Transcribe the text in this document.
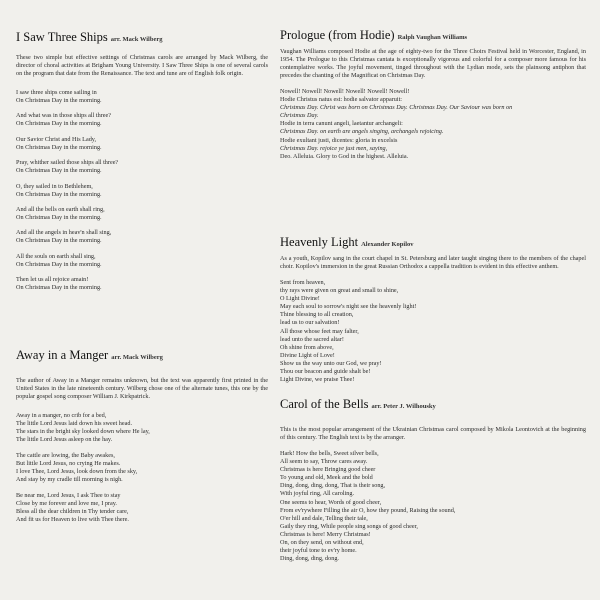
I Saw Three Ships arr. Mack Wilberg

These two simple but effective settings of Christmas carols are arranged by Mack Wilberg, the director of choral activities at Brigham Young University. I Saw Three Ships is one of several carols on the program that date from the Renaissance. The text and tune are of English folk origin.

I saw three ships come sailing in
On Christmas Day in the morning.

And what was in those ships all three?
On Christmas Day in the morning.

Our Savior Christ and His Lady,
On Christmas Day in the morning.

Pray, whither sailed those ships all three?
On Christmas Day in the morning.

O, they sailed in to Bethlehem,
On Christmas Day in the morning.

And all the bells on earth shall ring,
On Christmas Day in the morning.

And all the angels in heav'n shall sing,
On Christmas Day in the morning.

All the souls on earth shall sing,
On Christmas Day in the morning.

Then let us all rejoice amain!
On Christmas Day in the morning.

Away in a Manger arr. Mack Wilberg

The author of Away in a Manger remains unknown, but the text was apparently first printed in the United States in the late nineteenth century. Wilberg chose one of the alternate tunes, this one by the popular gospel song composer William J. Kirkpatrick.

Away in a manger, no crib for a bed,
The little Lord Jesus laid down his sweet head.
The stars in the bright sky looked down where He lay,
The little Lord Jesus asleep on the hay.

The cattle are lowing, the Baby awakes,
But little Lord Jesus, no crying He makes.
I love Thee, Lord Jesus, look down from the sky,
And stay by my cradle till morning is nigh.

Be near me, Lord Jesus, I ask Thee to stay
Close by me forever and love me, I pray.
Bless all the dear children in Thy tender care,
And fit us for Heaven to live with Thee there.

Prologue (from Hodie) Ralph Vaughan Williams

Vaughan Williams composed Hodie at the age of eighty-two for the Three Choirs Festival held in Worcester, England, in 1954. The Prologue to this Christmas cantata is exceptionally vigorous and colorful for a composer more famous for his contemplative works. The joyful movement, tinged throughout with the Lydian mode, sets the plainsong antiphon that precedes the chanting of the Magnificat on Christmas Day.

Nowell! Nowell! Nowell! Nowell! Nowell! Nowell!
Hodie Christus natus est: hodie salvator apparuit:
Christmas Day. Christ was born on Christmas Day. Christmas Day. Our Saviour was born on
Christmas Day.
Hodie in terra canunt angeli, laetantur archangeli:
Christmas Day. on earth are angels singing, archangels rejoicing.
Hodie exultant justi, dicentes: gloria in excelsis
Christmas Day. rejoice ye just men, saying,
Deo. Alleluia. Glory to God in the highest. Alleluia.
Heavenly Light Alexander Kopilov

As a youth, Kopilov sang in the court chapel in St. Petersburg and later taught singing there to the members of the chapel choir. Kopilov's immersion in the great Russian Orthodox a cappella tradition is evident in this effective anthem.

Sent from heaven,
thy rays were given on great and small to shine,
O Light Divine!
May each soul to sorrow's night see the heavenly light!
Thine blessing to all creation,
lead us to our salvation!
All those whose feet may falter,
lead unto the sacred altar!
Oh shine from above,
Divine Light of Love!
Show us the way unto our God, we pray!
Thou our beacon and guide shalt be!
Light Divine, we praise Thee!
Carol of the Bells arr. Peter J. Wilhousky

This is the most popular arrangement of the Ukrainian Christmas carol composed by Mikola Leontovich at the beginning of this century. The English text is by the arranger.

Hark! How the bells, Sweet silver bells,
All seem to say, Throw cares away.
Christmas is here Bringing good cheer
To young and old, Meek and the bold
Ding, dong, ding, dong, That is their song,
With joyful ring, All caroling.
One seems to hear, Words of good cheer,
From ev'rywhere Filling the air O, how they pound, Raising the sound,
O'er hill and dale, Telling their tale,
Gaily they ring, While people sing songs of good cheer,
Christmas is here! Merry Christmas!
On, on they send, on without end,
their joyful tone to ev'ry home.
Ding, dong, ding, dong.
